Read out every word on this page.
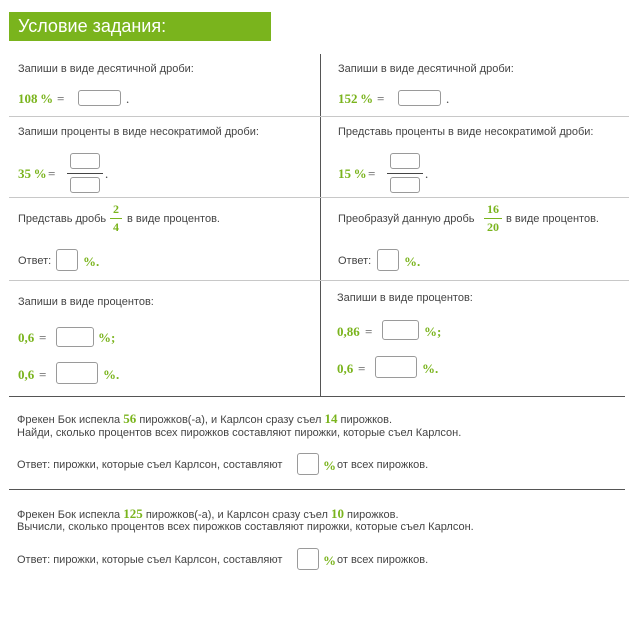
Условие задания:
Запиши в виде десятичной дроби:
108  % =	.
Запиши в виде десятичной дроби:
152  % =	.
Запиши проценты в виде несократимой дроби:
35  % =	.
Представь проценты в виде несократимой дроби:
15  % =	.
Представь дробь
2
4
в виде процентов.
Ответ: %.
Преобразуй данную дробь
16
20
в виде процентов.
Ответ:	%.
Запиши в виде процентов:
0,6 =	%;
0,6 =	%.
Запиши в виде процентов:
0,86 =	%;
0,6 =	%.
Фрекен Бок испекла 56 пирожков(-а), и Карлсон сразу съел 14 пирожков.
Найди, сколько процентов всех пирожков составляют пирожки, которые съел Карлсон.
Ответ: пирожки, которые съел Карлсон, составляют	% от всех пирожков.
Фрекен Бок испекла 125 пирожков(-а), и Карлсон сразу съел 10 пирожков.
Вычисли, сколько процентов всех пирожков составляют пирожки, которые съел Карлсон.
Ответ: пирожки, которые съел Карлсон, составляют	% от всех пирожков.
